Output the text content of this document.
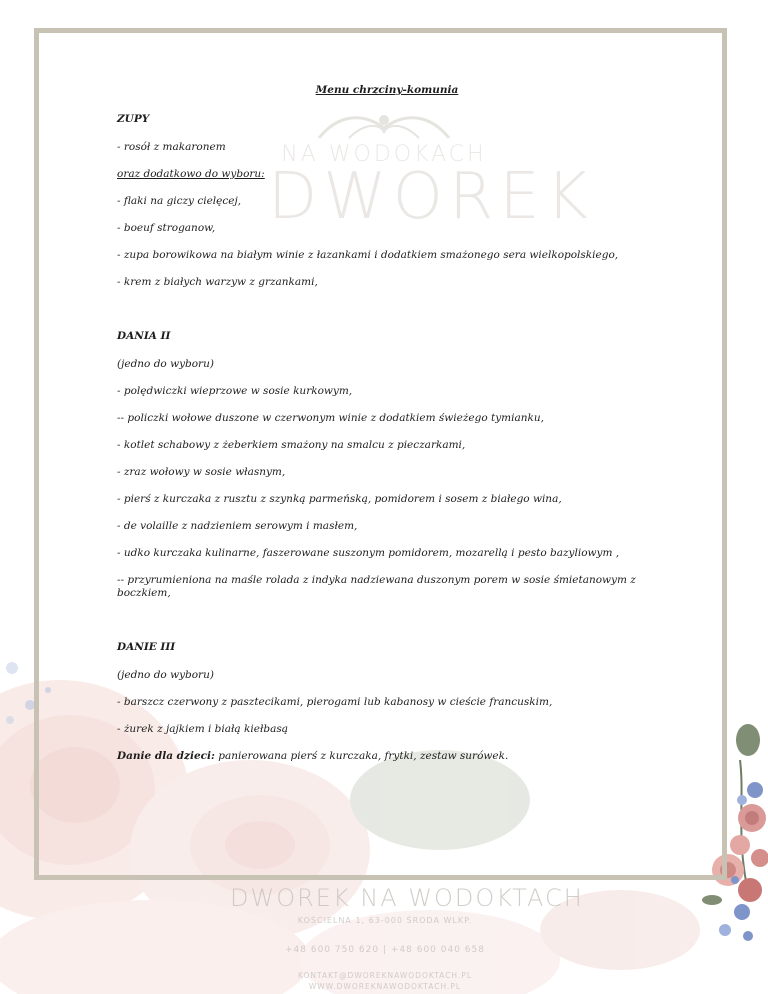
NA WODOKACH
DWOREK
Menu chrzciny-komunia
ZUPY
- rosół z makaronem
oraz dodatkowo do wyboru:
- flaki na giczy cielęcej,
- boeuf stroganow,
- zupa borowikowa na białym winie z łazankami i dodatkiem smażonego sera wielkopolskiego,
- krem z białych warzyw z grzankami,
DANIA II
(jedno do wyboru)
- polędwiczki wieprzowe w sosie kurkowym,
-- policzki wołowe duszone w czerwonym winie z dodatkiem świeżego tymianku,
- kotlet schabowy z żeberkiem smażony na smalcu z pieczarkami,
- zraz wołowy w sosie własnym,
- pierś z kurczaka z rusztu z szynką parmeńską, pomidorem i sosem z białego wina,
- de volaille z nadzieniem serowym i masłem,
- udko kurczaka kulinarne, faszerowane suszonym pomidorem, mozarellą i pesto bazyliowym ,
-- przyrumieniona na maśle rolada z indyka nadziewana duszonym porem w sosie śmietanowym z boczkiem,
DANIE III
(jedno do wyboru)
- barszcz czerwony z pasztecikami, pierogami lub kabanosy w cieście francuskim,
- żurek z jajkiem i białą kiełbasą
Danie dla dzieci: panierowana pierś z kurczaka, frytki, zestaw surówek.
DWOREK NA WODOKTACH
KOŚCIELNA 1, 63-000 ŚRODA WLKP.
+48 600 750 620 | +48 600 040 658
KONTAKT@DWOREKNAWODOKTACH.PL
WWW.DWOREKNAWODOKTACH.PL
